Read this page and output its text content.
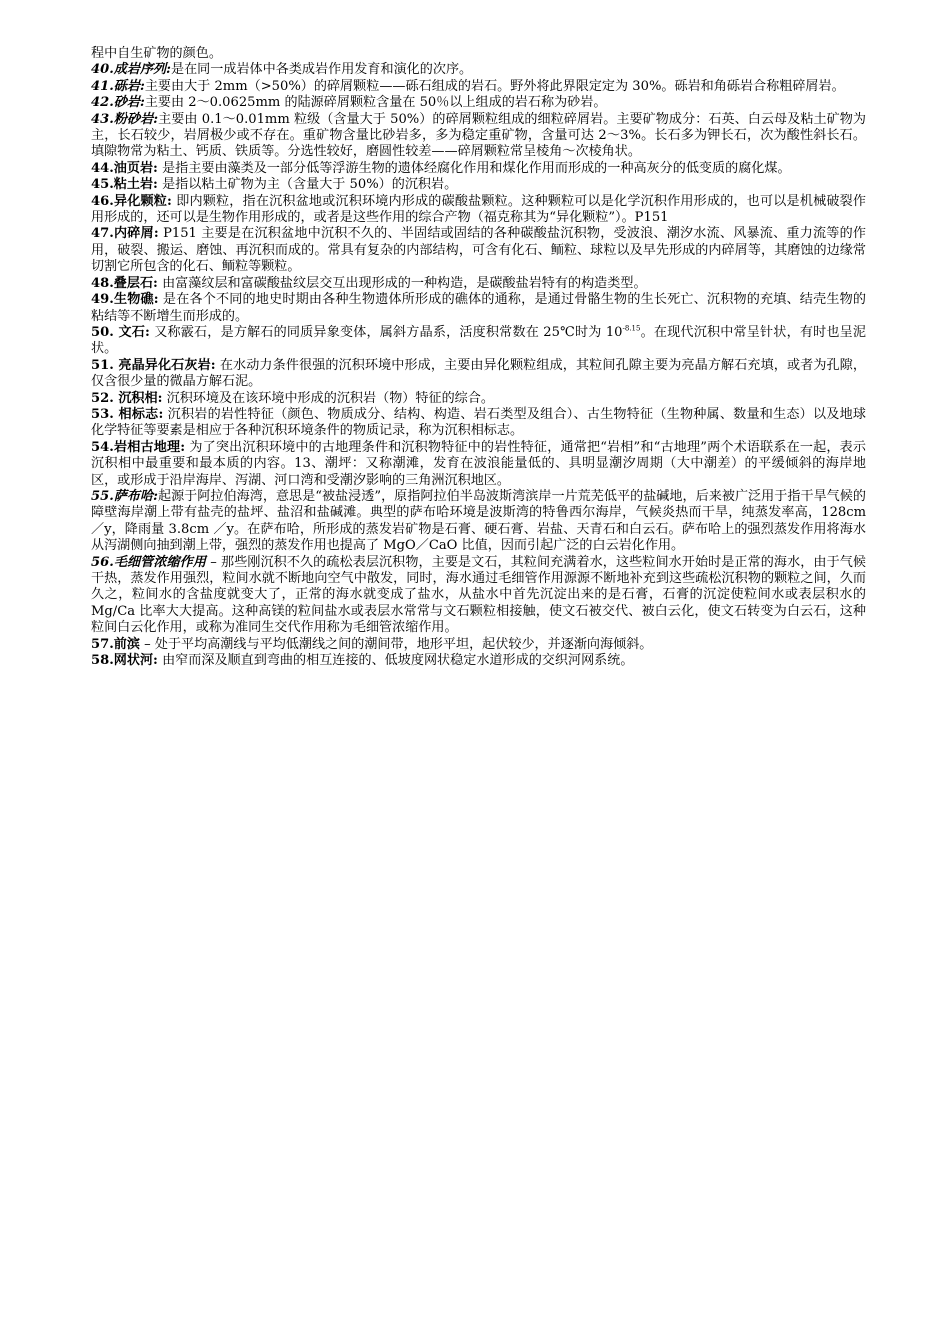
程中自生矿物的颜色。

40.成岩序列:是在同一成岩体中各类成岩作用发育和演化的次序。

41.砾岩:主要由大于 2mm（>50%）的碎屑颗粒——砾石组成的岩石。野外将此界限定定为 30%。砾岩和角砾岩合称粗碎屑岩。

42.砂岩:主要由 2～0.0625mm 的陆源碎屑颗粒含量在 50％以上组成的岩石称为砂岩。

43.粉砂岩:主要由 0.1～0.01mm 粒级（含量大于 50%）的碎屑颗粒组成的细粒碎屑岩。主要矿物成分：石英、白云母及粘土矿物为主，长石较少，岩屑极少或不存在。重矿物含量比砂岩多，多为稳定重矿物，含量可达 2～3%。长石多为钾长石，次为酸性斜长石。填隙物常为粘土、钙质、铁质等。分选性较好，磨圆性较差——碎屑颗粒常呈棱角～次棱角状。

44.油页岩: 是指主要由藻类及一部分低等浮游生物的遗体经腐化作用和煤化作用而形成的一种高灰分的低变质的腐化煤。

45.粘土岩: 是指以粘土矿物为主（含量大于 50%）的沉积岩。

46.异化颗粒: 即内颗粒，指在沉积盆地或沉积环境内形成的碳酸盐颗粒。这种颗粒可以是化学沉积作用形成的，也可以是机械破裂作用形成的，还可以是生物作用形成的，或者是这些作用的综合产物（福克称其为“异化颗粒”）。P151

47.内碎屑: P151 主要是在沉积盆地中沉积不久的、半固结或固结的各种碳酸盐沉积物，受波浪、潮汐水流、风暴流、重力流等的作用，破裂、搬运、磨蚀、再沉积而成的。常具有复杂的内部结构，可含有化石、鲕粒、球粒以及早先形成的内碎屑等，其磨蚀的边缘常切割它所包含的化石、鲕粒等颗粒。

48.叠层石: 由富藻纹层和富碳酸盐纹层交互出现形成的一种构造，是碳酸盐岩特有的构造类型。

49.生物礁: 是在各个不同的地史时期由各种生物遗体所形成的礁体的通称，是通过骨骼生物的生长死亡、沉积物的充填、结壳生物的粘结等不断增生而形成的。

50. 文石: 又称霰石，是方解石的同质异象变体，属斜方晶系，活度积常数在 25℃时为 $10^{-8.15}$。在现代沉积中常呈针状，有时也呈泥状。

51. 亮晶异化石灰岩: 在水动力条件很强的沉积环境中形成，主要由异化颗粒组成，其粒间孔隙主要为亮晶方解石充填，或者为孔隙，仅含很少量的微晶方解石泥。

52. 沉积相: 沉积环境及在该环境中形成的沉积岩（物）特征的综合。

53. 相标志: 沉积岩的岩性特征（颜色、物质成分、结构、构造、岩石类型及组合）、古生物特征（生物种属、数量和生态）以及地球化学特征等要素是相应于各种沉积环境条件的物质记录，称为沉积相标志。

54.岩相古地理: 为了突出沉积环境中的古地理条件和沉积物特征中的岩性特征，通常把“岩相”和“古地理”两个术语联系在一起，表示沉积相中最重要和最本质的内容。13、潮坪：又称潮滩，发育在波浪能量低的、具明显潮汐周期（大中潮差）的平缓倾斜的海岸地区，或形成于沿岸海岸、泻湖、河口湾和受潮汐影响的三角洲沉积地区。

55.萨布哈:起源于阿拉伯海湾，意思是“被盐浸透”，原指阿拉伯半岛波斯湾滨岸一片荒芜低平的盐碱地，后来被广泛用于指干旱气候的障壁海岸潮上带有盐壳的盐坪、盐沼和盐碱滩。典型的萨布哈环境是波斯湾的特鲁西尔海岸，气候炎热而干旱，纯蒸发率高，128cm／y，降雨量 3.8cm ／y。在萨布哈，所形成的蒸发岩矿物是石膏、硬石膏、岩盐、天青石和白云石。萨布哈上的强烈蒸发作用将海水从泻湖侧向抽到潮上带，强烈的蒸发作用也提高了 MgO／CaO 比值，因而引起广泛的白云岩化作用。

56.毛细管浓缩作用 – 那些刚沉积不久的疏松表层沉积物，主要是文石，其粒间充满着水，这些粒间水开始时是正常的海水，由于气候干热，蒸发作用强烈，粒间水就不断地向空气中散发，同时，海水通过毛细管作用源源不断地补充到这些疏松沉积物的颗粒之间，久而久之，粒间水的含盐度就变大了，正常的海水就变成了盐水，从盐水中首先沉淀出来的是石膏，石膏的沉淀使粒间水或表层积水的 Mg/Ca 比率大大提高。这种高镁的粒间盐水或表层水常常与文石颗粒相接触，使文石被交代、被白云化，使文石转变为白云石，这种粒间白云化作用，或称为准同生交代作用称为毛细管浓缩作用。

57.前滨 – 处于平均高潮线与平均低潮线之间的潮间带，地形平坦，起伏较少，并逐渐向海倾斜。

58.网状河: 由窄而深及顺直到弯曲的相互连接的、低坡度网状稳定水道形成的交织河网系统。
